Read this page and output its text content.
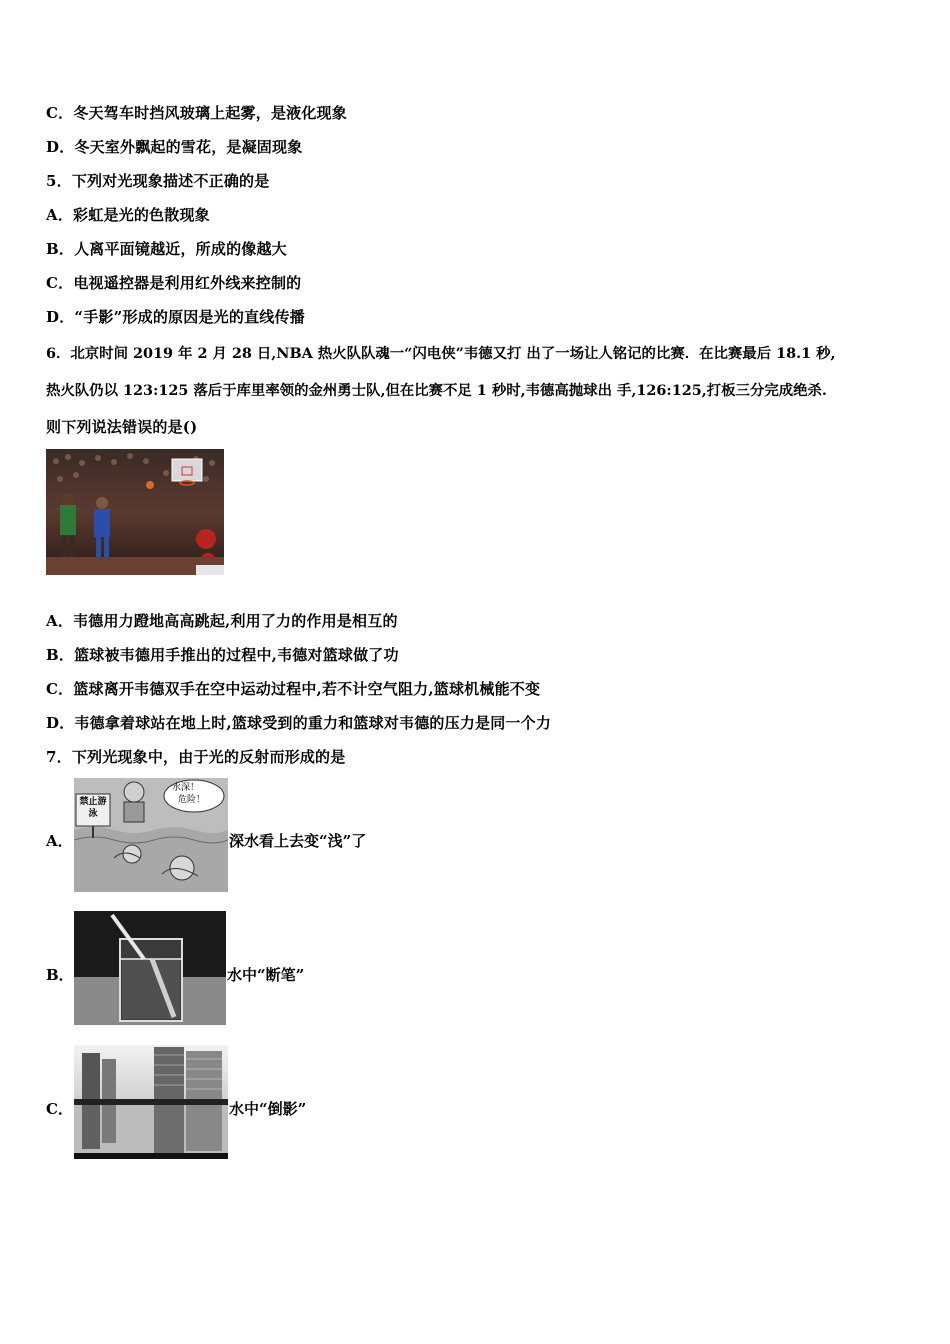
C．冬天驾车时挡风玻璃上起雾，是液化现象
D．冬天室外飘起的雪花，是凝固现象
5．下列对光现象描述不正确的是
A．彩虹是光的色散现象
B．人离平面镜越近，所成的像越大
C．电视遥控器是利用红外线来控制的
D．“手影”形成的原因是光的直线传播
6．北京时间 2019 年 2 月 28 日,NBA 热火队队魂一“闪电侠”韦德又打 出了一场让人铭记的比赛．在比赛最后 18.1 秒,
热火队仍以 123:125 落后于库里率领的金州勇士队,但在比赛不足 1 秒时,韦德高抛球出 手,126:125,打板三分完成绝杀.
则下列说法错误的是()
A．韦德用力蹬地高高跳起,利用了力的作用是相互的
B．篮球被韦德用手推出的过程中,韦德对篮球做了功
C．篮球离开韦德双手在空中运动过程中,若不计空气阻力,篮球机械能不变
D．韦德拿着球站在地上时,篮球受到的重力和篮球对韦德的压力是同一个力
7．下列光现象中，由于光的反射而形成的是
A．
禁止游泳
水深！
危险！
深水看上去变“浅”了
B．	水中“断笔”
C．	水中“倒影”
